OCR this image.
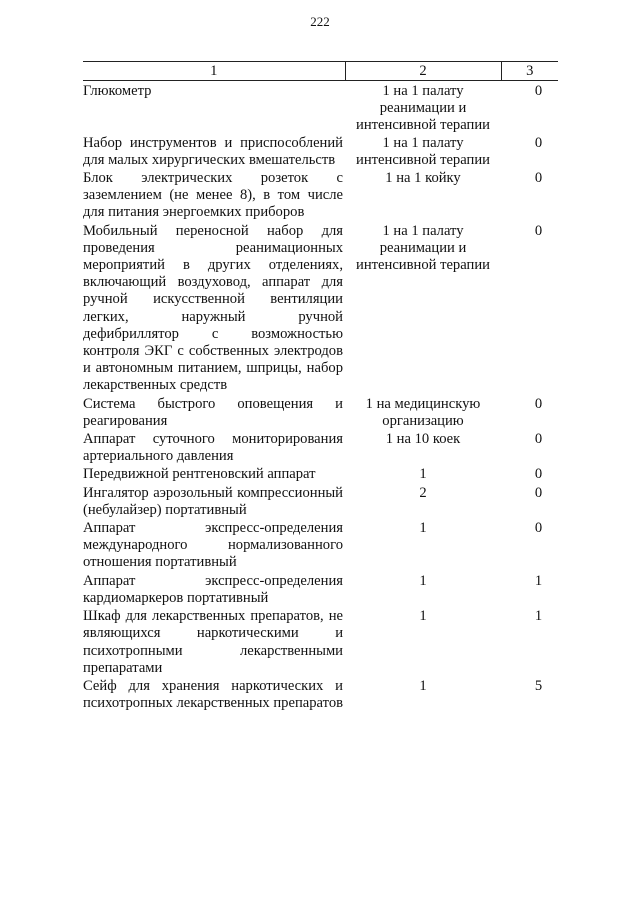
222
1	2	3
Глюкометр	1 на 1 палату реанимации и интенсивной терапии	0
Набор инструментов и приспособлений для малых хирургических вмешательств	1 на 1 палату интенсивной терапии	0
Блок электрических розеток с заземлением (не менее 8), в том числе для питания энергоемких приборов	1 на 1 койку	0
Мобильный переносной набор для проведения реанимационных мероприятий в других отделениях, включающий воздуховод, аппарат для ручной искусственной вентиляции легких, наружный ручной дефибриллятор с возможностью контроля ЭКГ с собственных электродов и автономным питанием, шприцы, набор лекарственных средств	1 на 1 палату реанимации и интенсивной терапии	0
Система быстрого оповещения и реагирования	1 на медицинскую организацию	0
Аппарат суточного мониторирования артериального давления	1 на 10 коек	0
Передвижной рентгеновский аппарат	1	0
Ингалятор аэрозольный компрессионный (небулайзер) портативный	2	0
Аппарат экспресс-определения международного нормализованного отношения портативный	1	0
Аппарат экспресс-определения кардиомаркеров портативный	1	1
Шкаф для лекарственных препаратов, не являющихся наркотическими и психотропными лекарственными препаратами	1	1
Сейф для хранения наркотических и психотропных лекарственных препаратов	1	5
